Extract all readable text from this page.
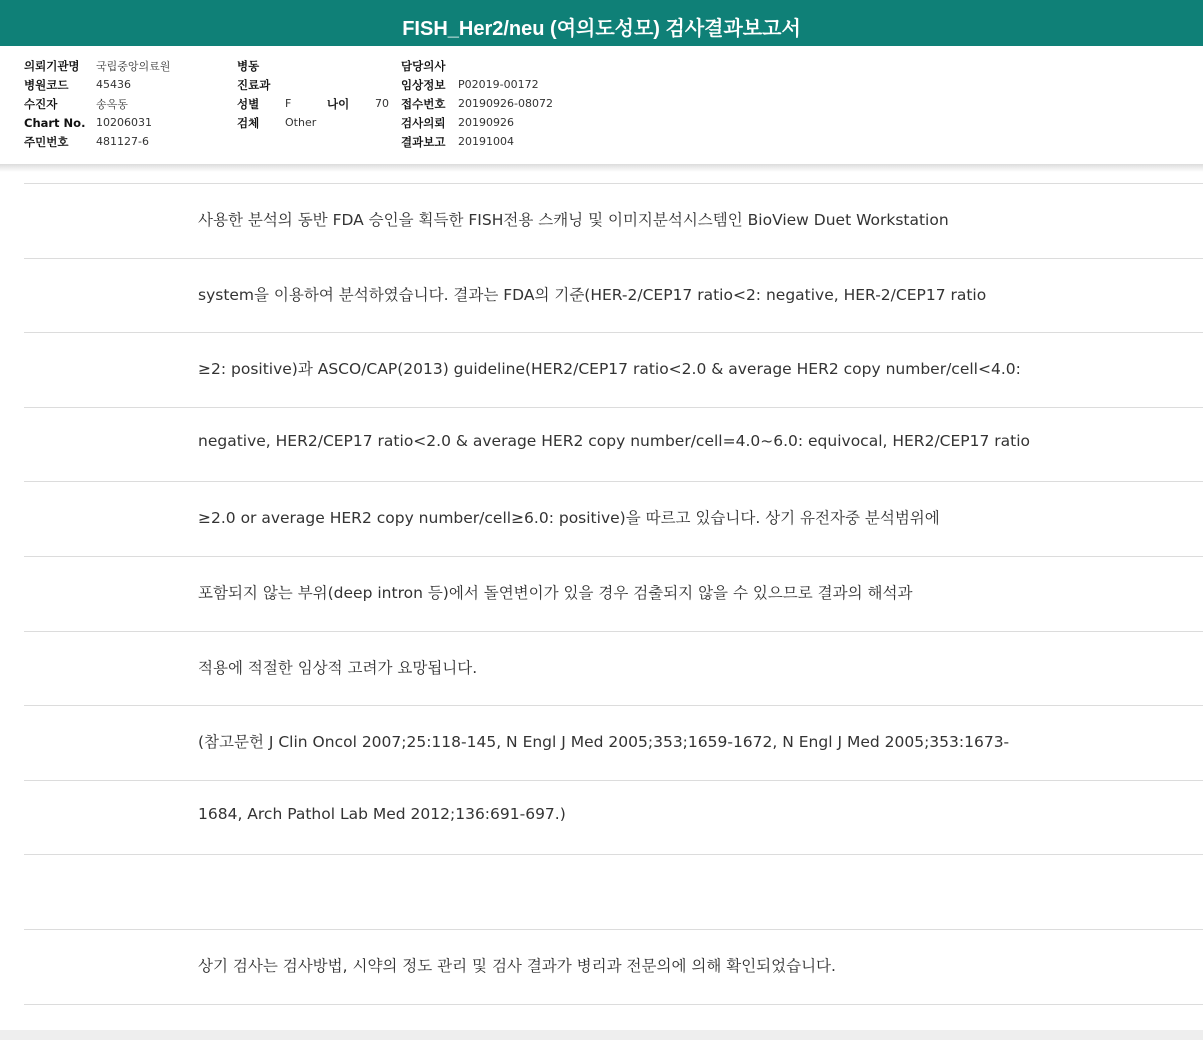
FISH_Her2/neu (여의도성모) 검사결과보고서
의뢰기관명	국립중앙의료원
병원코드	45436
수진자	송옥동
Chart No. 10206031
주민번호	481127-6
병동
진료과
성별	F	나이	70
검체	Other
담당의사
임상정보	P02019-00172
접수번호	20190926-08072
검사의뢰	20190926
결과보고	20191004
사용한 분석의 동반 FDA 승인을 획득한 FISH전용 스캐닝 및 이미지분석시스템인 BioView Duet Workstation
system을 이용하여 분석하였습니다. 결과는 FDA의 기준(HER-2/CEP17 ratio<2: negative, HER-2/CEP17 ratio
≥2: positive)과 ASCO/CAP(2013) guideline(HER2/CEP17 ratio<2.0 & average HER2 copy number/cell<4.0:
negative, HER2/CEP17 ratio<2.0 & average HER2 copy number/cell=4.0~6.0: equivocal, HER2/CEP17 ratio
≥2.0 or average HER2 copy number/cell≥6.0: positive)을 따르고 있습니다. 상기 유전자중 분석범위에
포함되지 않는 부위(deep intron 등)에서 돌연변이가 있을 경우 검출되지 않을 수 있으므로 결과의 해석과
적용에 적절한 임상적 고려가 요망됩니다.
(참고문헌 J Clin Oncol 2007;25:118-145, N Engl J Med 2005;353;1659-1672, N Engl J Med 2005;353:1673-
1684, Arch Pathol Lab Med 2012;136:691-697.)
상기 검사는 검사방법, 시약의 정도 관리 및 검사 결과가 병리과 전문의에 의해 확인되었습니다.
